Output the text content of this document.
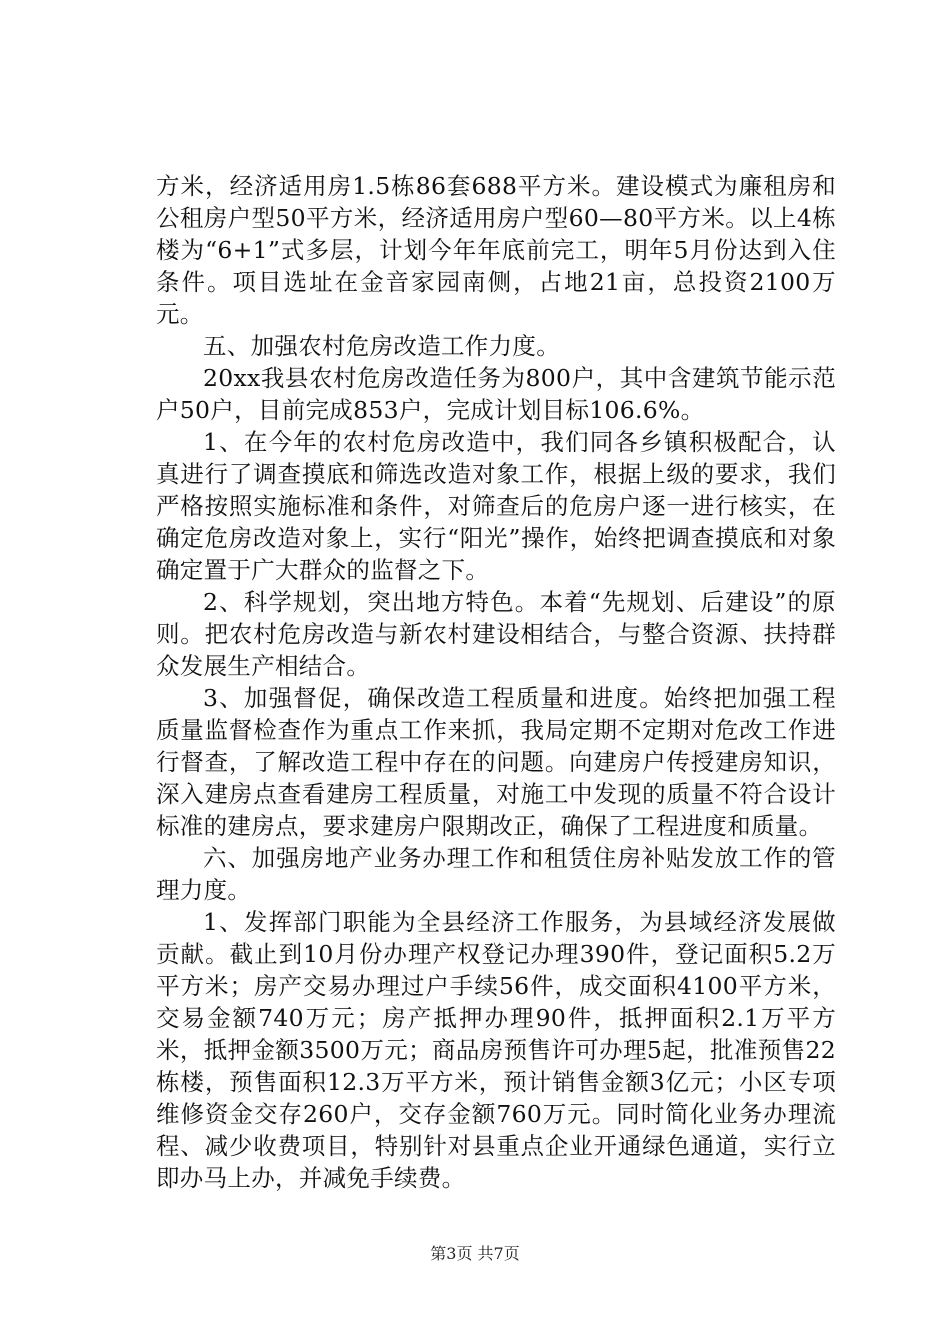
方米，经济适用房1.5栋86套688平方米。建设模式为廉租房和公租房户型50平方米，经济适用房户型60—80平方米。以上4栋楼为“6+1”式多层，计划今年年底前完工，明年5月份达到入住条件。项目选址在金音家园南侧，占地21亩，总投资2100万元。

五、加强农村危房改造工作力度。

20xx我县农村危房改造任务为800户，其中含建筑节能示范户50户，目前完成853户，完成计划目标106.6%。

1、在今年的农村危房改造中，我们同各乡镇积极配合，认真进行了调查摸底和筛选改造对象工作，根据上级的要求，我们严格按照实施标准和条件，对筛查后的危房户逐一进行核实，在确定危房改造对象上，实行“阳光”操作，始终把调查摸底和对象确定置于广大群众的监督之下。

2、科学规划，突出地方特色。本着“先规划、后建设”的原则。把农村危房改造与新农村建设相结合，与整合资源、扶持群众发展生产相结合。

3、加强督促，确保改造工程质量和进度。始终把加强工程质量监督检查作为重点工作来抓，我局定期不定期对危改工作进行督查，了解改造工程中存在的问题。向建房户传授建房知识，深入建房点查看建房工程质量，对施工中发现的质量不符合设计标准的建房点，要求建房户限期改正，确保了工程进度和质量。

六、加强房地产业务办理工作和租赁住房补贴发放工作的管理力度。

1、发挥部门职能为全县经济工作服务，为县域经济发展做贡献。截止到10月份办理产权登记办理390件，登记面积5.2万平方米；房产交易办理过户手续56件，成交面积4100平方米，交易金额740万元；房产抵押办理90件，抵押面积2.1万平方米，抵押金额3500万元；商品房预售许可办理5起，批准预售22栋楼，预售面积12.3万平方米，预计销售金额3亿元；小区专项维修资金交存260户，交存金额760万元。同时简化业务办理流程、减少收费项目，特别针对县重点企业开通绿色通道，实行立即办马上办，并减免手续费。

第3页 共7页
